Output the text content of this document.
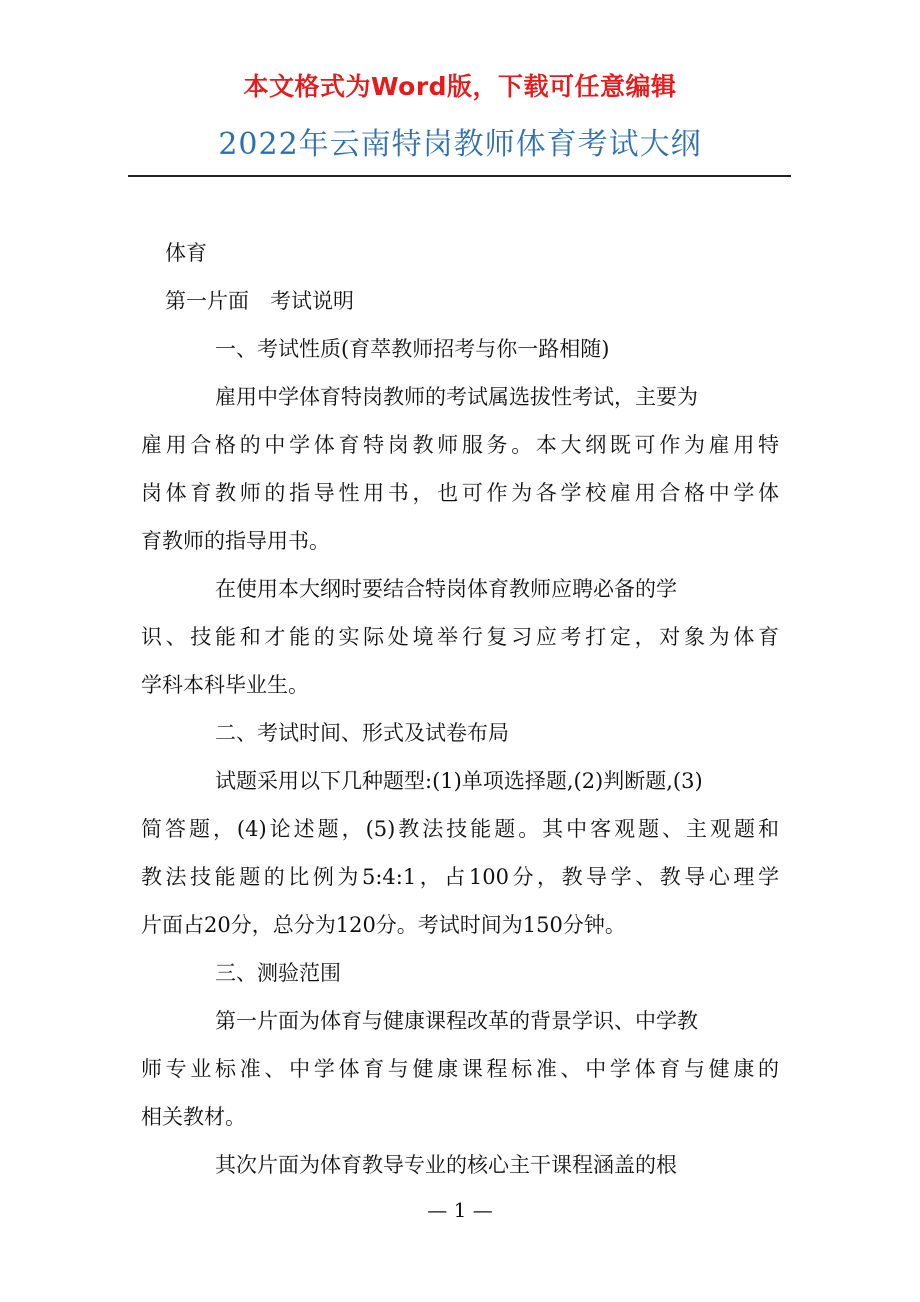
本文格式为Word版，下载可任意编辑
2022年云南特岗教师体育考试大纲
体育
第一片面　考试说明
一、考试性质(育萃教师招考与你一路相随)
雇用中学体育特岗教师的考试属选拔性考试，主要为
雇用合格的中学体育特岗教师服务。本大纲既可作为雇用特
岗体育教师的指导性用书，也可作为各学校雇用合格中学体
育教师的指导用书。
在使用本大纲时要结合特岗体育教师应聘必备的学
识、技能和才能的实际处境举行复习应考打定，对象为体育
学科本科毕业生。
二、考试时间、形式及试卷布局
试题采用以下几种题型:(1)单项选择题,(2)判断题,(3)
简答题，(4)论述题，(5)教法技能题。其中客观题、主观题和
教法技能题的比例为5:4:1，占100分，教导学、教导心理学
片面占20分，总分为120分。考试时间为150分钟。
三、测验范围
第一片面为体育与健康课程改革的背景学识、中学教
师专业标准、中学体育与健康课程标准、中学体育与健康的
相关教材。
其次片面为体育教导专业的核心主干课程涵盖的根
— 1 —
